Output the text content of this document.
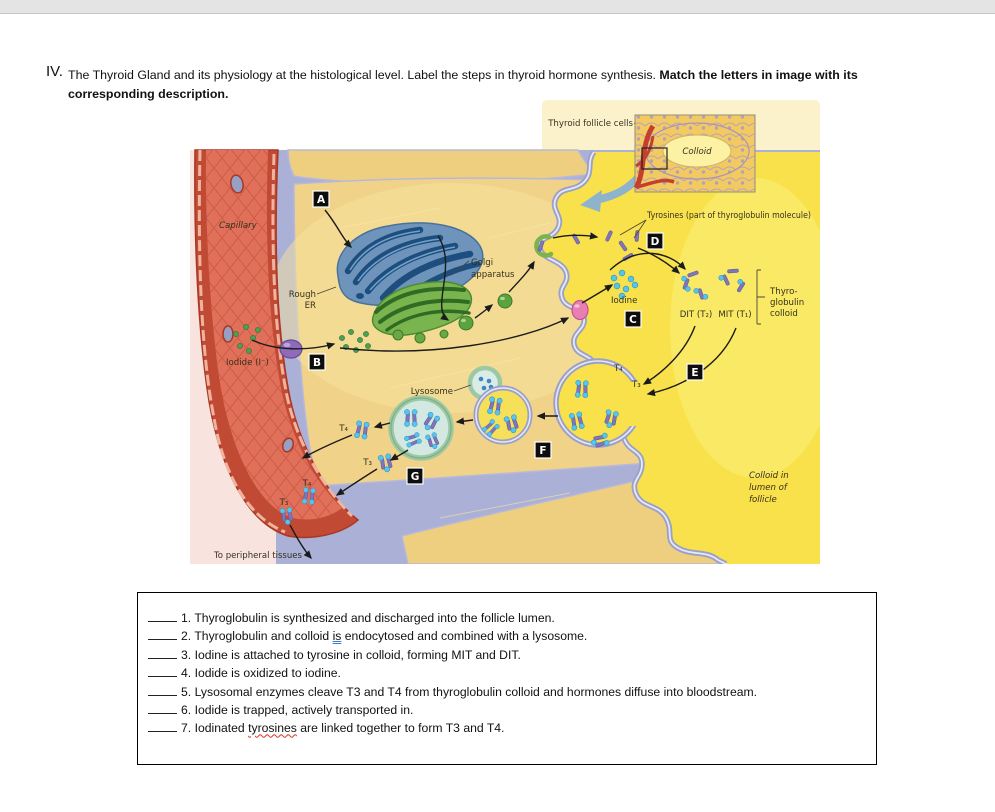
IV. The Thyroid Gland and its physiology at the histological level. Label the steps in thyroid hormone synthesis. Match the letters in image with its
corresponding description.
Colloid
Thyroid follicle cells
Tyrosines (part of thyroglobulin molecule)
Capillary
Rough
ER
Golgi
apparatus
Iodide (I⁻)
Lysosome
Iodine
DIT (T₂) MIT (T₁)
Thyro-
globulin
colloid
T₄
T₃
T₄
T₃
T₄
T₃
Colloid in
lumen of
follicle
To peripheral tissues
A
B
C
D
E
F
G
1. Thyroglobulin is synthesized and discharged into the follicle lumen.
2. Thyroglobulin and colloid is endocytosed and combined with a lysosome.
3. Iodine is attached to tyrosine in colloid, forming MIT and DIT.
4. Iodide is oxidized to iodine.
5. Lysosomal enzymes cleave T3 and T4 from thyroglobulin colloid and hormones diffuse into bloodstream.
6. Iodide is trapped, actively transported in.
7. Iodinated tyrosines are linked together to form T3 and T4.
